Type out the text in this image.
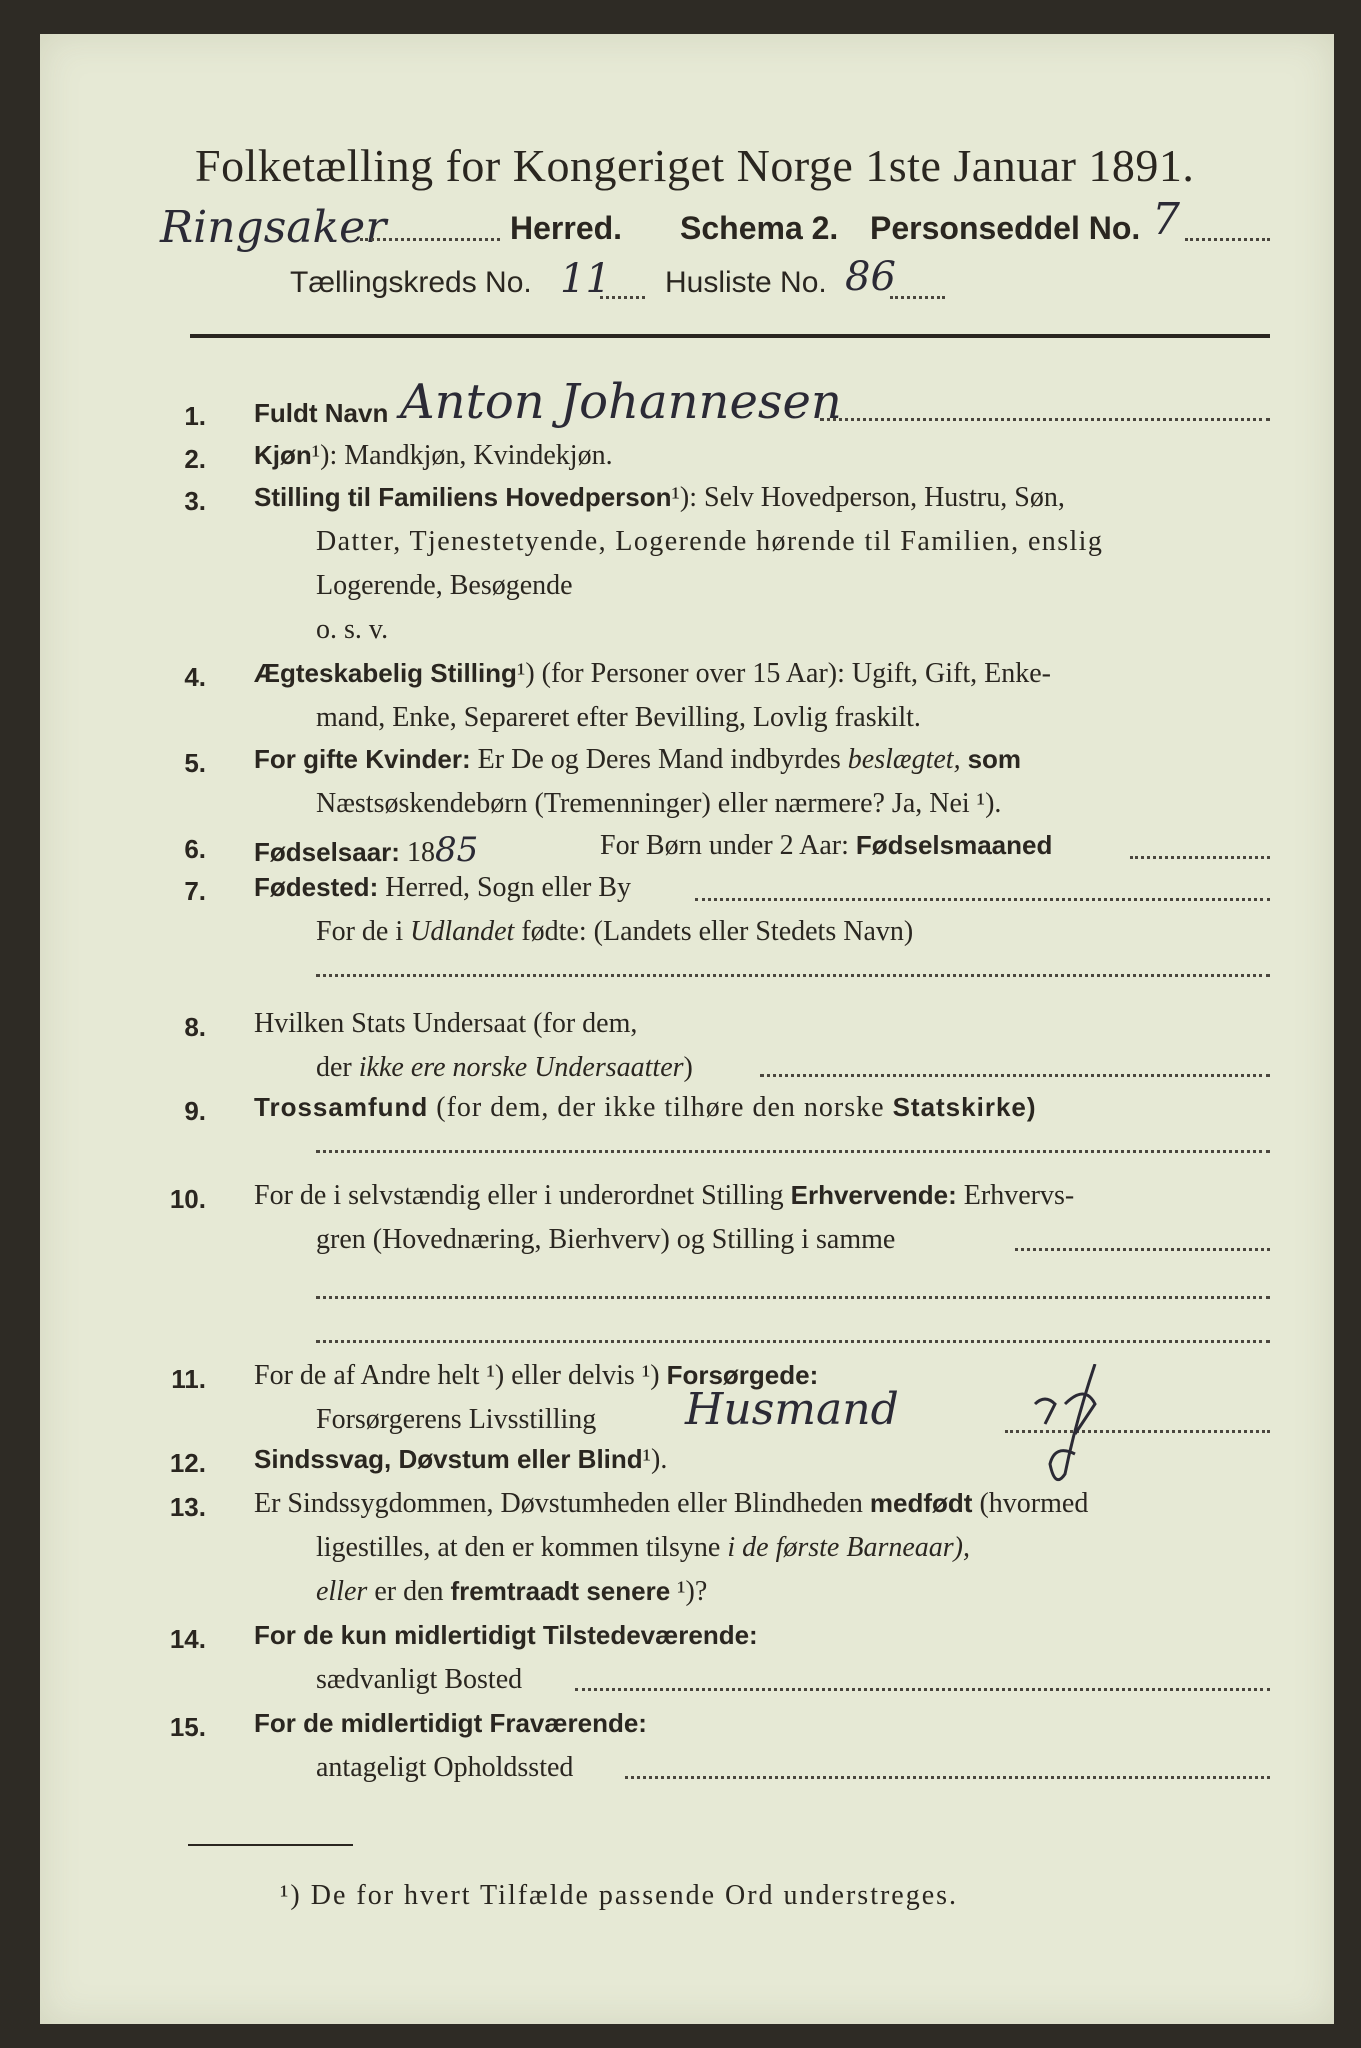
Folketælling for Kongeriget Norge 1ste Januar 1891.
Ringsaker	Herred. Schema 2. Personseddel No. 7
Tællingskreds No. 11 Husliste No. 86
1. Fuldt Navn Anton Johannesen
2. Kjøn¹): Mandkjøn, Kvindekjøn.
3. Stilling til Familiens Hovedperson¹): Selv Hovedperson, Hustru, Søn,
Datter, Tjenestetyende, Logerende hørende til Familien, enslig
Logerende, Besøgende
o. s. v.
4. Ægteskabelig Stilling¹) (for Personer over 15 Aar): Ugift, Gift, Enke-
mand, Enke, Separeret efter Bevilling, Lovlig fraskilt.
5. For gifte Kvinder: Er De og Deres Mand indbyrdes beslægtet, som
Næstsøskendebørn (Tremenninger) eller nærmere? Ja, Nei ¹).
6. Fødselsaar: 1885	For Børn under 2 Aar: Fødselsmaaned
7. Fødested: Herred, Sogn eller By
For de i Udlandet fødte: (Landets eller Stedets Navn)
8. Hvilken Stats Undersaat (for dem,
der ikke ere norske Undersaatter)
9. Trossamfund (for dem, der ikke tilhøre den norske Statskirke)
10. For de i selvstændig eller i underordnet Stilling Erhvervende: Erhvervs-
gren (Hovednæring, Bierhverv) og Stilling i samme
11. For de af Andre helt ¹) eller delvis ¹) Forsørgede:
Forsørgerens Livsstilling Husmand
12. Sindssvag, Døvstum eller Blind¹).
13. Er Sindssygdommen, Døvstumheden eller Blindheden medfødt (hvormed
ligestilles, at den er kommen tilsyne i de første Barneaar),
eller er den fremtraadt senere ¹)?
14. For de kun midlertidigt Tilstedeværende:
sædvanligt Bosted
15. For de midlertidigt Fraværende:
antageligt Opholdssted
¹) De for hvert Tilfælde passende Ord understreges.
